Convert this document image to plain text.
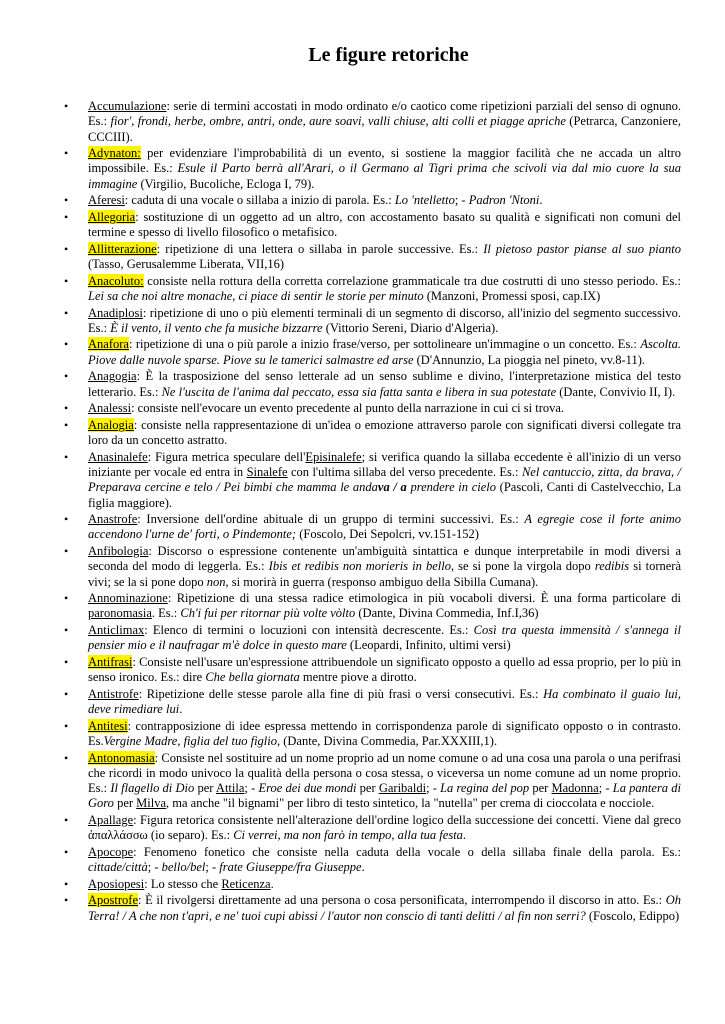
Le figure retoriche
• Accumulazione: serie di termini accostati in modo ordinato e/o caotico come ripetizioni parziali del senso di ognuno. Es.: fior', frondi, herbe, ombre, antri, onde, aure soavi, valli chiuse, alti colli et piagge apriche (Petrarca, Canzoniere, CCCIII).
• Adynaton: per evidenziare l'improbabilità di un evento, si sostiene la maggior facilità che ne accada un altro impossibile. Es.: Esule il Parto berrà all'Arari, o il Germano al Tigri prima che scivoli via dal mio cuore la sua immagine (Virgilio, Bucoliche, Ecloga I, 79).
• Aferesi: caduta di una vocale o sillaba a inizio di parola. Es.: Lo 'ntelletto; - Padron 'Ntoni.
• Allegoria: sostituzione di un oggetto ad un altro, con accostamento basato su qualità e significati non comuni del termine e spesso di livello filosofico o metafisico.
• Allitterazione: ripetizione di una lettera o sillaba in parole successive. Es.: Il pietoso pastor pianse al suo pianto (Tasso, Gerusalemme Liberata, VII,16)
• Anacoluto: consiste nella rottura della corretta correlazione grammaticale tra due costrutti di uno stesso periodo. Es.: Lei sa che noi altre monache, ci piace di sentir le storie per minuto (Manzoni, Promessi sposi, cap.IX)
• Anadiplosi: ripetizione di uno o più elementi terminali di un segmento di discorso, all'inizio del segmento successivo. Es.: È il vento, il vento che fa musiche bizzarre (Vittorio Sereni, Diario d'Algeria).
• Anafora: ripetizione di una o più parole a inizio frase/verso, per sottolineare un'immagine o un concetto. Es.: Ascolta. Piove dalle nuvole sparse. Piove su le tamerici salmastre ed arse (D'Annunzio, La pioggia nel pineto, vv.8-11).
• Anagogia: È la trasposizione del senso letterale ad un senso sublime e divino, l'interpretazione mistica del testo letterario. Es.: Ne l'uscita de l'anima dal peccato, essa sia fatta santa e libera in sua potestate (Dante, Convivio II, I).
• Analessi: consiste nell'evocare un evento precedente al punto della narrazione in cui ci si trova.
• Analogia: consiste nella rappresentazione di un'idea o emozione attraverso parole con significati diversi collegate tra loro da un concetto astratto.
• Anasinalefe: Figura metrica speculare dell'Episinalefe; si verifica quando la sillaba eccedente è all'inizio di un verso iniziante per vocale ed entra in Sinalefe con l'ultima sillaba del verso precedente. Es.: Nel cantuccio, zitta, da brava, / Preparava cercine e telo / Pei bimbi che mamma le andava / a prendere in cielo (Pascoli, Canti di Castelvecchio, La figlia maggiore).
• Anastrofe: Inversione dell'ordine abituale di un gruppo di termini successivi. Es.: A egregie cose il forte animo accendono l'urne de' forti, o Pindemonte; (Foscolo, Dei Sepolcri, vv.151-152)
• Anfibologia: Discorso o espressione contenente un'ambiguità sintattica e dunque interpretabile in modi diversi a seconda del modo di leggerla. Es.: Ibis et redibis non morieris in bello, se si pone la virgola dopo redibis si tornerà vivi; se la si pone dopo non, si morirà in guerra (responso ambiguo della Sibilla Cumana).
• Annominazione: Ripetizione di una stessa radice etimologica in più vocaboli diversi. È una forma particolare di paronomasia. Es.: Ch'i fui per ritornar più volte vòlto (Dante, Divina Commedia, Inf.I,36)
• Anticlimax: Elenco di termini o locuzioni con intensità decrescente. Es.: Così tra questa immensità / s'annega il pensier mio e il naufragar m'è dolce in questo mare (Leopardi, Infinito, ultimi versi)
• Antifrasi: Consiste nell'usare un'espressione attribuendole un significato opposto a quello ad essa proprio, per lo più in senso ironico. Es.: dire Che bella giornata mentre piove a dirotto.
• Antistrofe: Ripetizione delle stesse parole alla fine di più frasi o versi consecutivi. Es.: Ha combinato il guaio lui, deve rimediare lui.
• Antitesi: contrapposizione di idee espressa mettendo in corrispondenza parole di significato opposto o in contrasto. Es.Vergine Madre, figlia del tuo figlio, (Dante, Divina Commedia, Par.XXXIII,1).
• Antonomasia: Consiste nel sostituire ad un nome proprio ad un nome comune o ad una cosa una parola o una perifrasi che ricordi in modo univoco la qualità della persona o cosa stessa, o viceversa un nome comune ad un nome proprio. Es.: Il flagello di Dio per Attila; - Eroe dei due mondi per Garibaldi; - La regina del pop per Madonna; - La pantera di Goro per Milva, ma anche "il bignami" per libro di testo sintetico, la "nutella" per crema di cioccolata e nocciole.
• Apallage: Figura retorica consistente nell'alterazione dell'ordine logico della successione dei concetti. Viene dal greco ἀπαλλάσσω (io separo). Es.: Ci verrei, ma non farò in tempo, alla tua festa.
• Apocope: Fenomeno fonetico che consiste nella caduta della vocale o della sillaba finale della parola. Es.: cittade/città; - bello/bel; - frate Giuseppe/fra Giuseppe.
• Aposiopesi: Lo stesso che Reticenza.
• Apostrofe: È il rivolgersi direttamente ad una persona o cosa personificata, interrompendo il discorso in atto. Es.: Oh Terra! / A che non t'apri, e ne' tuoi cupi abissi / l'autor non conscio di tanti delitti / al fin non serri? (Foscolo, Edippo)
